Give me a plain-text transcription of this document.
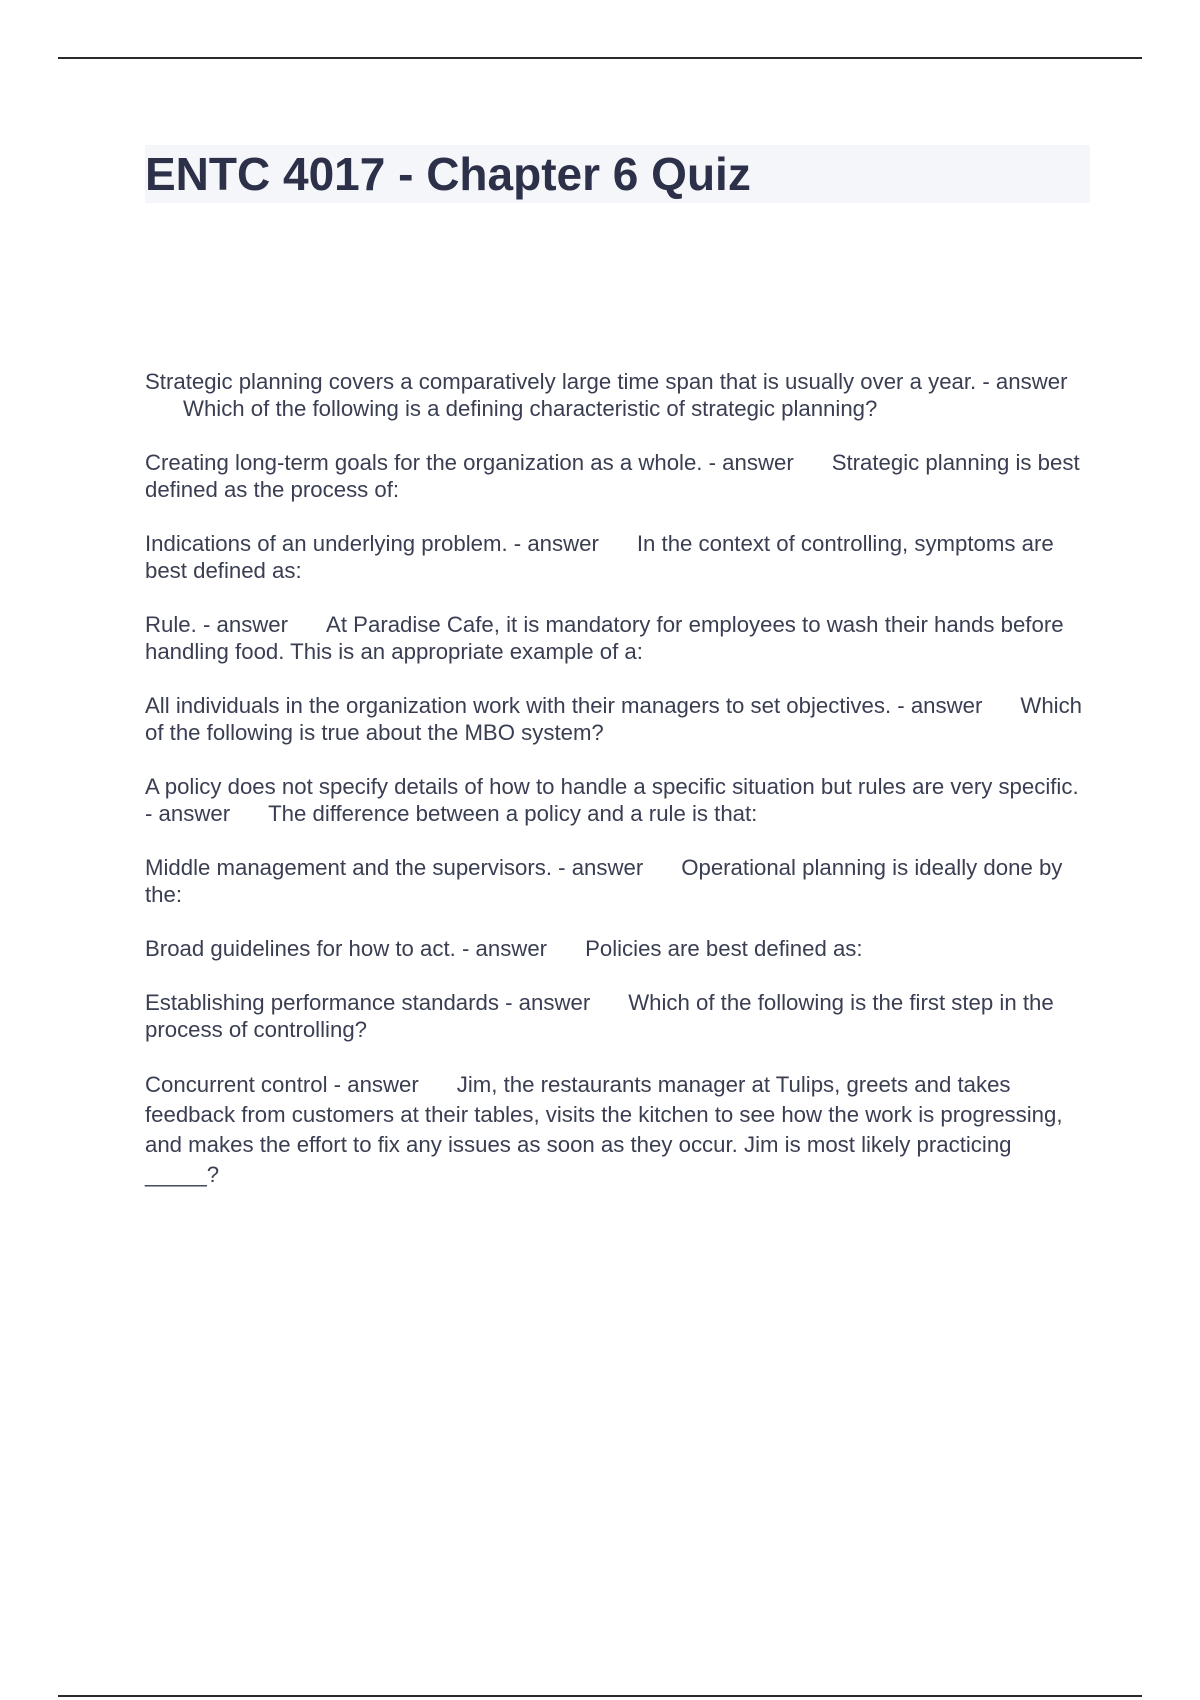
ENTC 4017 - Chapter 6 Quiz
Strategic planning covers a comparatively large time span that is usually over a year. - answerWhich of the following is a defining characteristic of strategic planning?
Creating long-term goals for the organization as a whole. - answer Strategic planning is best defined as the process of:
Indications of an underlying problem. - answer In the context of controlling, symptoms are best defined as:
Rule. - answer At Paradise Cafe, it is mandatory for employees to wash their hands before handling food. This is an appropriate example of a:
All individuals in the organization work with their managers to set objectives. - answer Which of the following is true about the MBO system?
A policy does not specify details of how to handle a specific situation but rules are very specific. - answer The difference between a policy and a rule is that:
Middle management and the supervisors. - answer Operational planning is ideally done by the:
Broad guidelines for how to act. - answer Policies are best defined as:
Establishing performance standards - answer Which of the following is the first step in the process of controlling?
Concurrent control - answer Jim, the restaurants manager at Tulips, greets and takes feedback from customers at their tables, visits the kitchen to see how the work is progressing, and makes the effort to fix any issues as soon as they occur. Jim is most likely practicing _____?
